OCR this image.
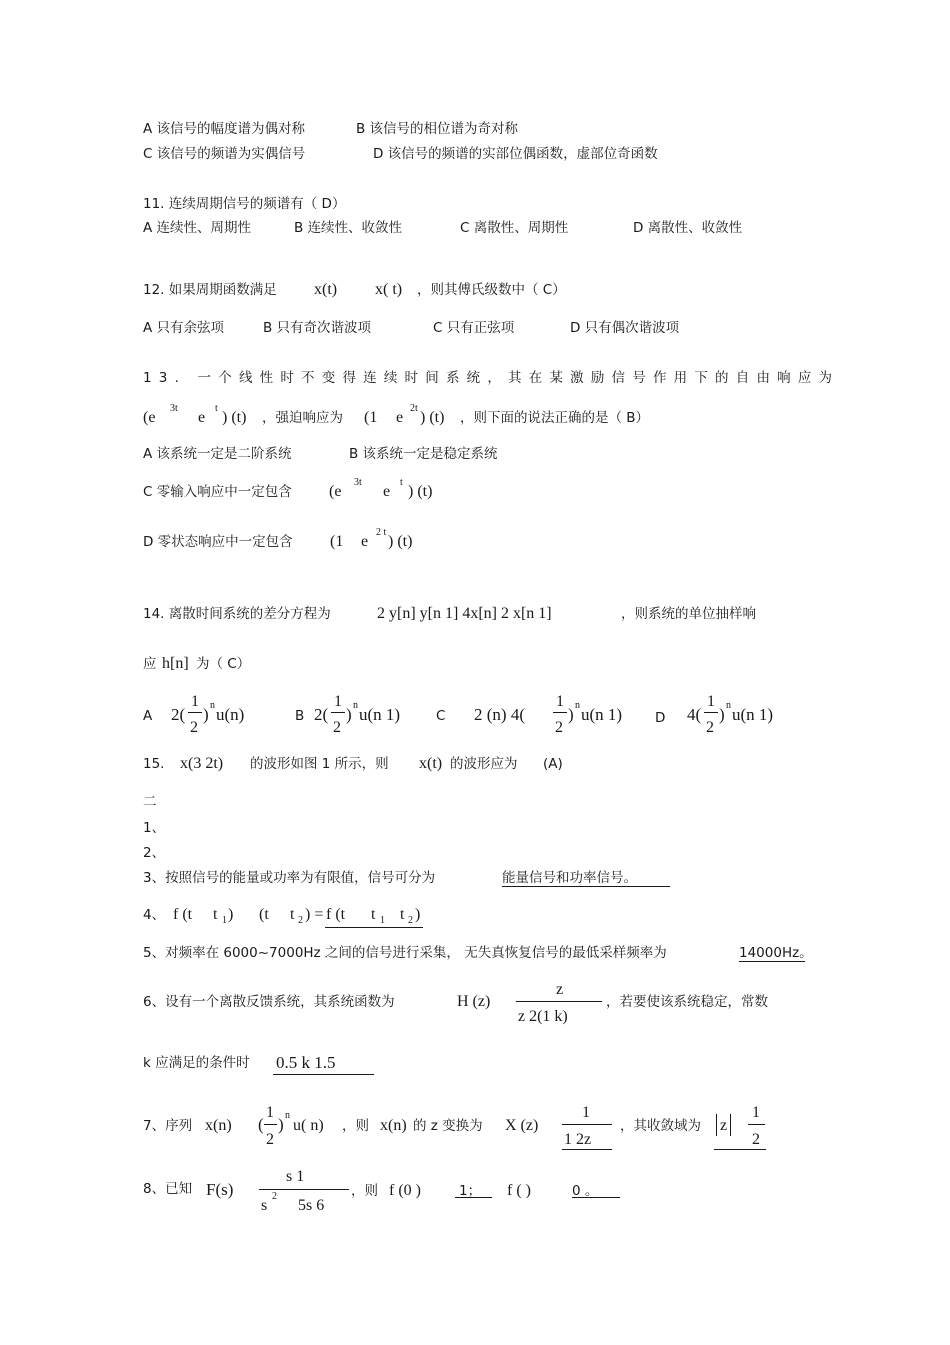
A 该信号的幅度谱为偶对称	B 该信号的相位谱为奇对称
C 该信号的频谱为实偶信号	D 该信号的频谱的实部位偶函数，虚部位奇函数
11. 连续周期信号的频谱有（ D）
A 连续性、周期性	B 连续性、收敛性	C 离散性、周期性	D 离散性、收敛性
12. 如果周期函数满足 x(t) x( t) ，则其傅氏级数中（ C）
A 只有余弦项	B 只有奇次谐波项	C 只有正弦项	D 只有偶次谐波项
13. 一个线性时不变得连续时间系统，其在某激励信号作用下的自由响应为
(e
3t
e
t
) (t) ，强迫响应为 (1 e
2t
) (t) ，则下面的说法正确的是（ B）
A 该系统一定是二阶系统	B 该系统一定是稳定系统
C 零输入响应中一定包含 (e
3t
e
t
) (t)
D 零状态响应中一定包含 (1 e
2 t
) (t)
14. 离散时间系统的差分方程为	2 y[n] y[n 1] 4x[n] 2 x[n 1]	，则系统的单位抽样响
应 h[n] 为（ C）
A 2(
1
2
) n u(n)	B 2(
1
2
) n u(n 1)	C 2 (n) 4(
1
2
) n u(n 1) D 4(
1
2
) n u(n 1)
15. x(3 2t) 的波形如图 1 所示，则 x(t) 的波形应为 (A)
二
1、
2、
3、按照信号的能量或功率为有限值，信号可分为	能量信号和功率信号。
4、 f (t t 1 ) (t t 2 ) = f (t t 1 t 2 )
5、对频率在 6000~7000Hz 之间的信号进行采集， 无失真恢复信号的最低采样频率为	14000Hz。
6、设有一个离散反馈系统，其系统函数为	H (z)
z
z 2(1 k)
，若要使该系统稳定，常数
k 应满足的条件时 0.5 k 1.5
7、序列 x(n) (
1
2
) n
u( n) ，则 x(n) 的 z 变换为 X (z)
1
1 2z
，其收敛域为 z
1
2
8、已知 F(s)
s 1
s
2
5s 6
，则 f (0 )	1； f ( )	0 。
